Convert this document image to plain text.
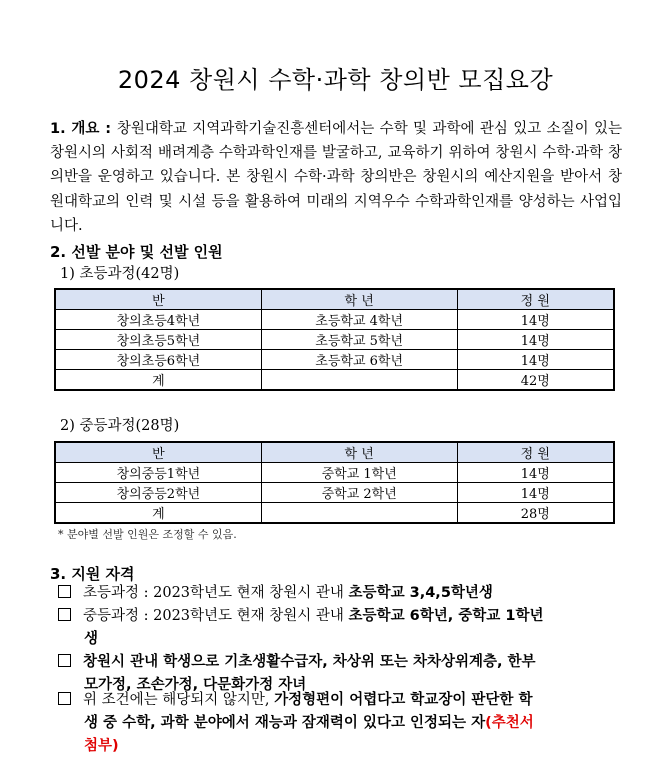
2024 창원시 수학·과학 창의반 모집요강
1. 개요 : 창원대학교 지역과학기술진흥센터에서는 수학 및 과학에 관심 있고 소질이 있는 창원시의 사회적 배려계층 수학과학인재를 발굴하고, 교육하기 위하여 창원시 수학·과학 창의반을 운영하고 있습니다. 본 창원시 수학·과학 창의반은 창원시의 예산지원을 받아서 창원대학교의 인력 및 시설 등을 활용하여 미래의 지역우수 수학과학인재를 양성하는 사업입니다.
2. 선발 분야 및 선발 인원
1) 초등과정(42명)
반	학 년	정 원
창의초등4학년	초등학교 4학년	14명
창의초등5학년	초등학교 5학년	14명
창의초등6학년	초등학교 6학년	14명
계		42명
2) 중등과정(28명)
반	학 년	정 원
창의중등1학년	중학교 1학년	14명
창의중등2학년	중학교 2학년	14명
계		28명
* 분야별 선발 인원은 조정할 수 있음.
3. 지원 자격
초등과정 : 2023학년도 현재 창원시 관내 초등학교 3,4,5학년생
중등과정 : 2023학년도 현재 창원시 관내 초등학교 6학년, 중학교 1학년
생
창원시 관내 학생으로 기초생활수급자, 차상위 또는 차차상위계층, 한부
모가정, 조손가정, 다문화가정 자녀
위 조건에는 해당되지 않지만, 가정형편이 어렵다고 학교장이 판단한 학
생 중 수학, 과학 분야에서 재능과 잠재력이 있다고 인정되는 자(추천서
첨부)
